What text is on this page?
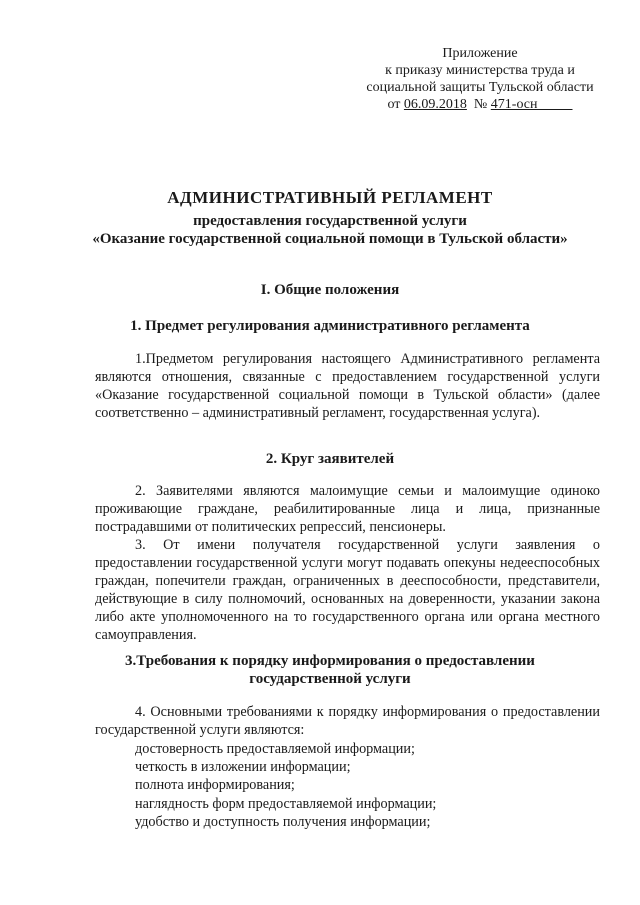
Приложение
к приказу министерства труда и
социальной защиты Тульской области
от 06.09.2018 № 471-осн
АДМИНИСТРАТИВНЫЙ РЕГЛАМЕНТ
предоставления государственной услуги
«Оказание государственной социальной помощи в Тульской области»
I. Общие положения
1. Предмет регулирования административного регламента
1.Предметом регулирования настоящего Административного регламента являются отношения, связанные с предоставлением государственной услуги «Оказание государственной социальной помощи в Тульской области» (далее соответственно – административный регламент, государственная услуга).
2. Круг заявителей
2. Заявителями являются малоимущие семьи и малоимущие одиноко проживающие граждане, реабилитированные лица и лица, признанные пострадавшими от политических репрессий, пенсионеры.
3. От имени получателя государственной услуги заявления о предоставлении государственной услуги могут подавать опекуны недееспособных граждан, попечители граждан, ограниченных в дееспособности, представители, действующие в силу полномочий, основанных на доверенности, указании закона либо акте уполномоченного на то государственного органа или органа местного самоуправления.
3.Требования к порядку информирования о предоставлении
государственной услуги
4. Основными требованиями к порядку информирования о предоставлении государственной услуги являются:
достоверность предоставляемой информации;
четкость в изложении информации;
полнота информирования;
наглядность форм предоставляемой информации;
удобство и доступность получения информации;
